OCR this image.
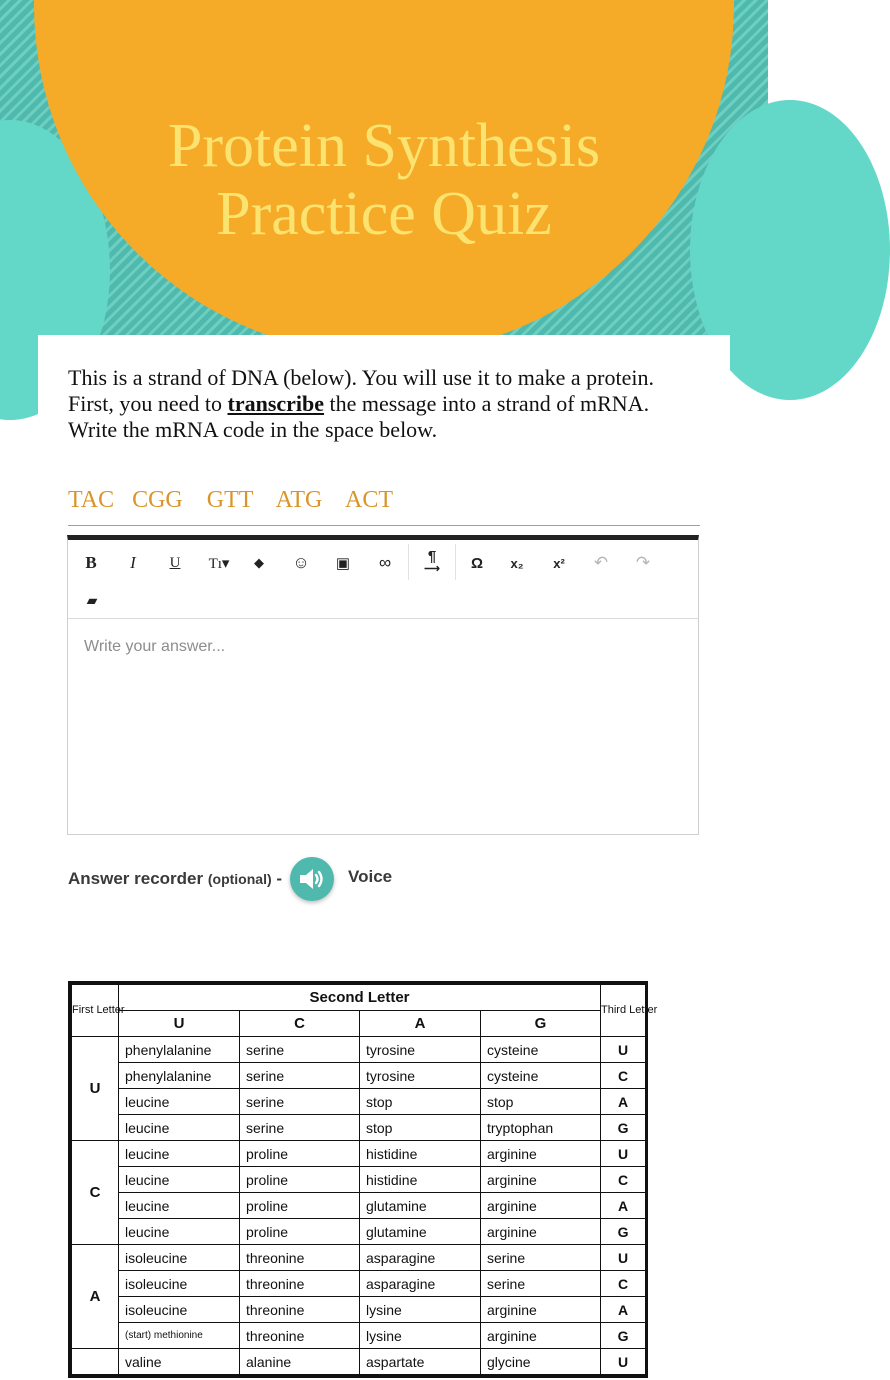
Protein Synthesis
Practice Quiz
This is a strand of DNA (below). You will use it to make a protein. First, you need to transcribe the message into a strand of mRNA. Write the mRNA code in the space below.
TAC   CGG    GTT    ATG    ACT
B	I	U	Tı▾	◆	☺	▣	∞	¶
⟶	Ω	x₂	x²	↶	↷
▰
Write your answer...
Answer recorder (optional) -	Voice
First Letter	Second Letter				Third Letter
	U	C	A	G	
U	phenylalanine	serine	tyrosine	cysteine	U
	phenylalanine	serine	tyrosine	cysteine	C
	leucine	serine	stop	stop	A
	leucine	serine	stop	tryptophan	G
C	leucine	proline	histidine	arginine	U
	leucine	proline	histidine	arginine	C
	leucine	proline	glutamine	arginine	A
	leucine	proline	glutamine	arginine	G
A	isoleucine	threonine	asparagine	serine	U
	isoleucine	threonine	asparagine	serine	C
	isoleucine	threonine	lysine	arginine	A

	(start) methionine	threonine	lysine	arginine	G
	valine	alanine	aspartate	glycine	U
